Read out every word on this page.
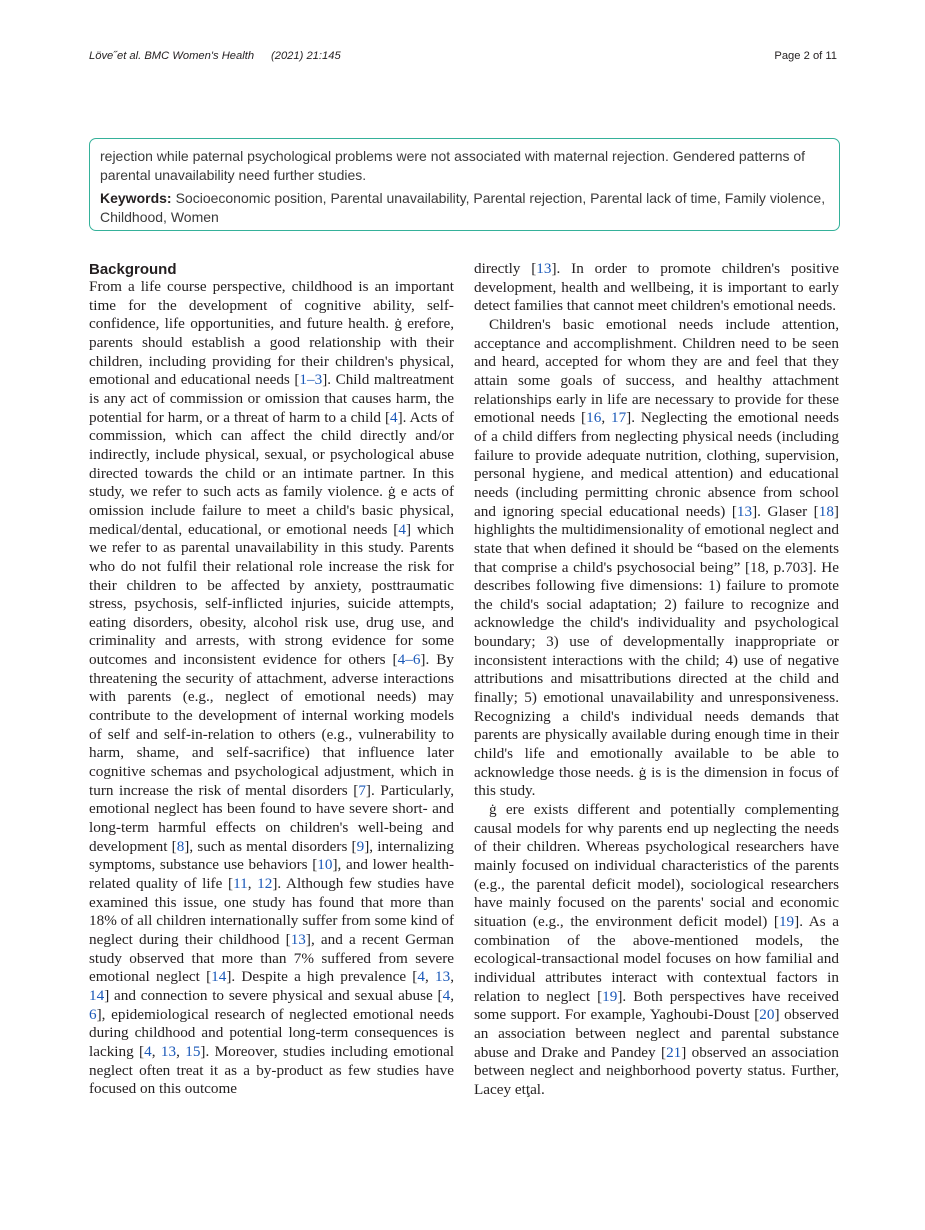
Löve˝et al. BMC Women's Health (2021) 21:145	Page 2 of 11

rejection while paternal psychological problems were not associated with maternal rejection. Gendered patterns of parental unavailability need further studies.

Keywords: Socioeconomic position, Parental unavailability, Parental rejection, Parental lack of time, Family violence, Childhood, Women

Background

From a life course perspective, childhood is an important time for the development of cognitive ability, self-confidence, life opportunities, and future health. ġ erefore, parents should establish a good relationship with their children, including providing for their children's physical, emotional and educational needs [1–3]. Child maltreatment is any act of commission or omission that causes harm, the potential for harm, or a threat of harm to a child [4]. Acts of commission, which can affect the child directly and/or indirectly, include physical, sexual, or psychological abuse directed towards the child or an intimate partner. In this study, we refer to such acts as family violence. ġ e acts of omission include failure to meet a child's basic physical, medical/dental, educational, or emotional needs [4] which we refer to as parental unavailability in this study. Parents who do not fulfil their relational role increase the risk for their children to be affected by anxiety, posttraumatic stress, psychosis, self-inflicted injuries, suicide attempts, eating disorders, obesity, alcohol risk use, drug use, and criminality and arrests, with strong evidence for some outcomes and inconsistent evidence for others [4–6]. By threatening the security of attachment, adverse interactions with parents (e.g., neglect of emotional needs) may contribute to the development of internal working models of self and self-in-relation to others (e.g., vulnerability to harm, shame, and self-sacrifice) that influence later cognitive schemas and psychological adjustment, which in turn increase the risk of mental disorders [7]. Particularly, emotional neglect has been found to have severe short- and long-term harmful effects on children's well-being and development [8], such as mental disorders [9], internalizing symptoms, substance use behaviors [10], and lower health-related quality of life [11, 12]. Although few studies have examined this issue, one study has found that more than 18% of all children internationally suffer from some kind of neglect during their childhood [13], and a recent German study observed that more than 7% suffered from severe emotional neglect [14]. Despite a high prevalence [4, 13, 14] and connection to severe physical and sexual abuse [4, 6], epidemiological research of neglected emotional needs during childhood and potential long-term consequences is lacking [4, 13, 15]. Moreover, studies including emotional neglect often treat it as a by-product as few studies have focused on this outcome

directly [13]. In order to promote children's positive development, health and wellbeing, it is important to early detect families that cannot meet children's emotional needs.

Children's basic emotional needs include attention, acceptance and accomplishment. Children need to be seen and heard, accepted for whom they are and feel that they attain some goals of success, and healthy attachment relationships early in life are necessary to provide for these emotional needs [16, 17]. Neglecting the emotional needs of a child differs from neglecting physical needs (including failure to provide adequate nutrition, clothing, supervision, personal hygiene, and medical attention) and educational needs (including permitting chronic absence from school and ignoring special educational needs) [13]. Glaser [18] highlights the multidimensionality of emotional neglect and state that when defined it should be “based on the elements that comprise a child's psychosocial being” [18, p.703]. He describes following five dimensions: 1) failure to promote the child's social adaptation; 2) failure to recognize and acknowledge the child's individuality and psychological boundary; 3) use of developmentally inappropriate or inconsistent interactions with the child; 4) use of negative attributions and misattributions directed at the child and finally; 5) emotional unavailability and unresponsiveness. Recognizing a child's individual needs demands that parents are physically available during enough time in their child's life and emotionally available to be able to acknowledge those needs. ġ is is the dimension in focus of this study.

ġ ere exists different and potentially complementing causal models for why parents end up neglecting the needs of their children. Whereas psychological researchers have mainly focused on individual characteristics of the parents (e.g., the parental deficit model), sociological researchers have mainly focused on the parents' social and economic situation (e.g., the environment deficit model) [19]. As a combination of the above-mentioned models, the ecological-transactional model focuses on how familial and individual attributes interact with contextual factors in relation to neglect [19]. Both perspectives have received some support. For example, Yaghoubi-Doust [20] observed an association between neglect and parental substance abuse and Drake and Pandey [21] observed an association between neglect and neighborhood poverty status. Further, Lacey etţal.
